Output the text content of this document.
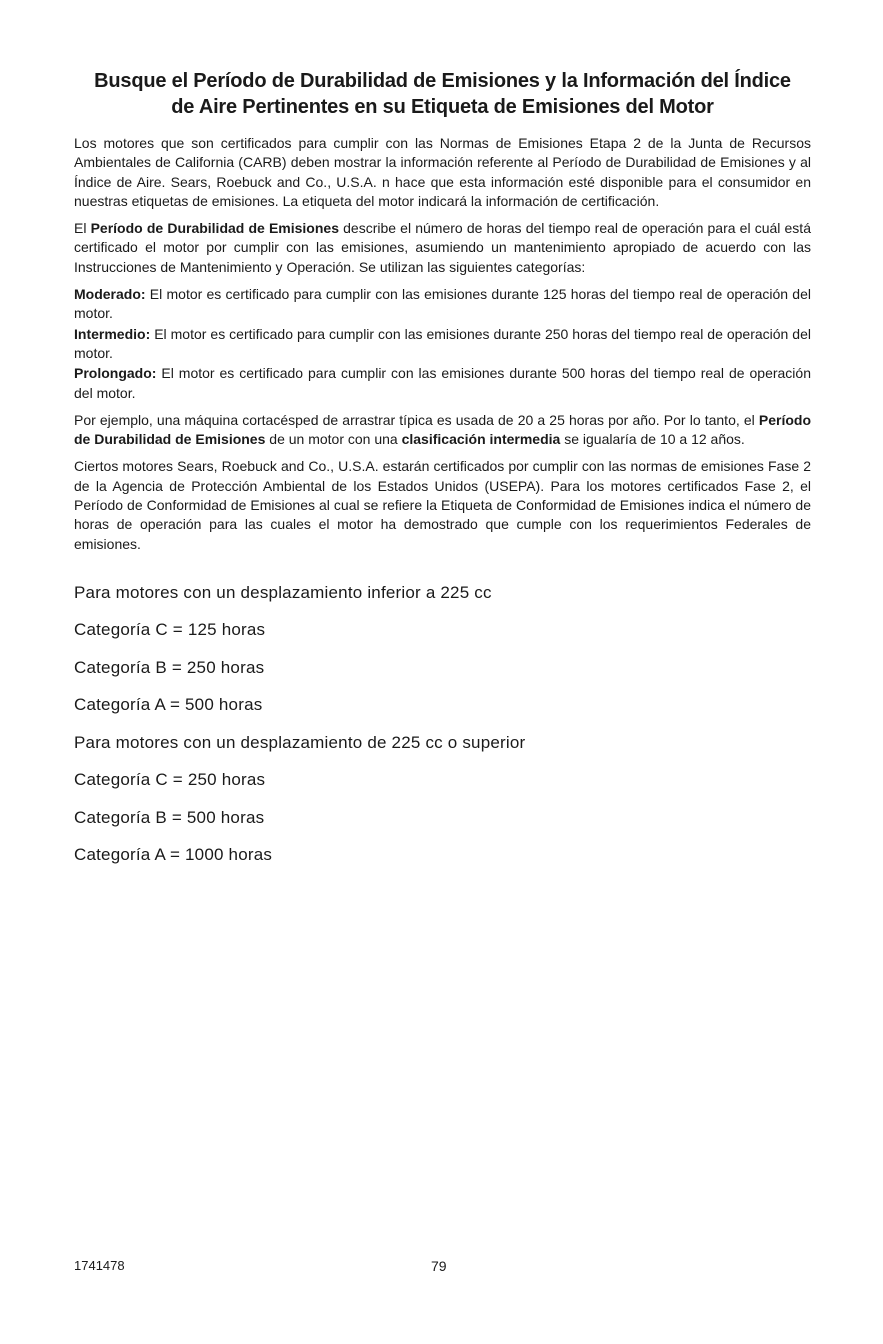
Busque el Período de Durabilidad de Emisiones y la Información del Índice
de Aire Pertinentes en su Etiqueta de Emisiones del Motor

Los motores que son certificados para cumplir con las Normas de Emisiones Etapa 2 de la Junta de Recursos Ambientales de California (CARB) deben mostrar la información referente al Período de Durabilidad de Emisiones y al Índice de Aire. Sears, Roebuck and Co., U.S.A. n hace que esta información esté disponible para el consumidor en nuestras etiquetas de emisiones. La etiqueta del motor indicará la información de certificación.

El Período de Durabilidad de Emisiones describe el número de horas del tiempo real de operación para el cuál está certificado el motor por cumplir con las emisiones, asumiendo un mantenimiento apropiado de acuerdo con las Instrucciones de Mantenimiento y Operación. Se utilizan las siguientes categorías:

Moderado: El motor es certificado para cumplir con las emisiones durante 125 horas del tiempo real de operación del motor.

Intermedio: El motor es certificado para cumplir con las emisiones durante 250 horas del tiempo real de operación del motor.

Prolongado: El motor es certificado para cumplir con las emisiones durante 500 horas del tiempo real de operación del motor.

Por ejemplo, una máquina cortacésped de arrastrar típica es usada de 20 a 25 horas por año. Por lo tanto, el Período de Durabilidad de Emisiones de un motor con una clasificación intermedia se igualaría de 10 a 12 años.

Ciertos motores Sears, Roebuck and Co., U.S.A. estarán certificados por cumplir con las normas de emisiones Fase 2 de la Agencia de Protección Ambiental de los Estados Unidos (USEPA). Para los motores certificados Fase 2, el Período de Conformidad de Emisiones al cual se refiere la Etiqueta de Conformidad de Emisiones indica el número de horas de operación para las cuales el motor ha demostrado que cumple con los requerimientos Federales de emisiones.

Para motores con un desplazamiento inferior a 225 cc
Categoría C = 125 horas
Categoría B = 250 horas
Categoría A = 500 horas
Para motores con un desplazamiento de 225 cc o superior
Categoría C = 250 horas
Categoría B = 500 horas
Categoría A = 1000 horas
1741478	79
